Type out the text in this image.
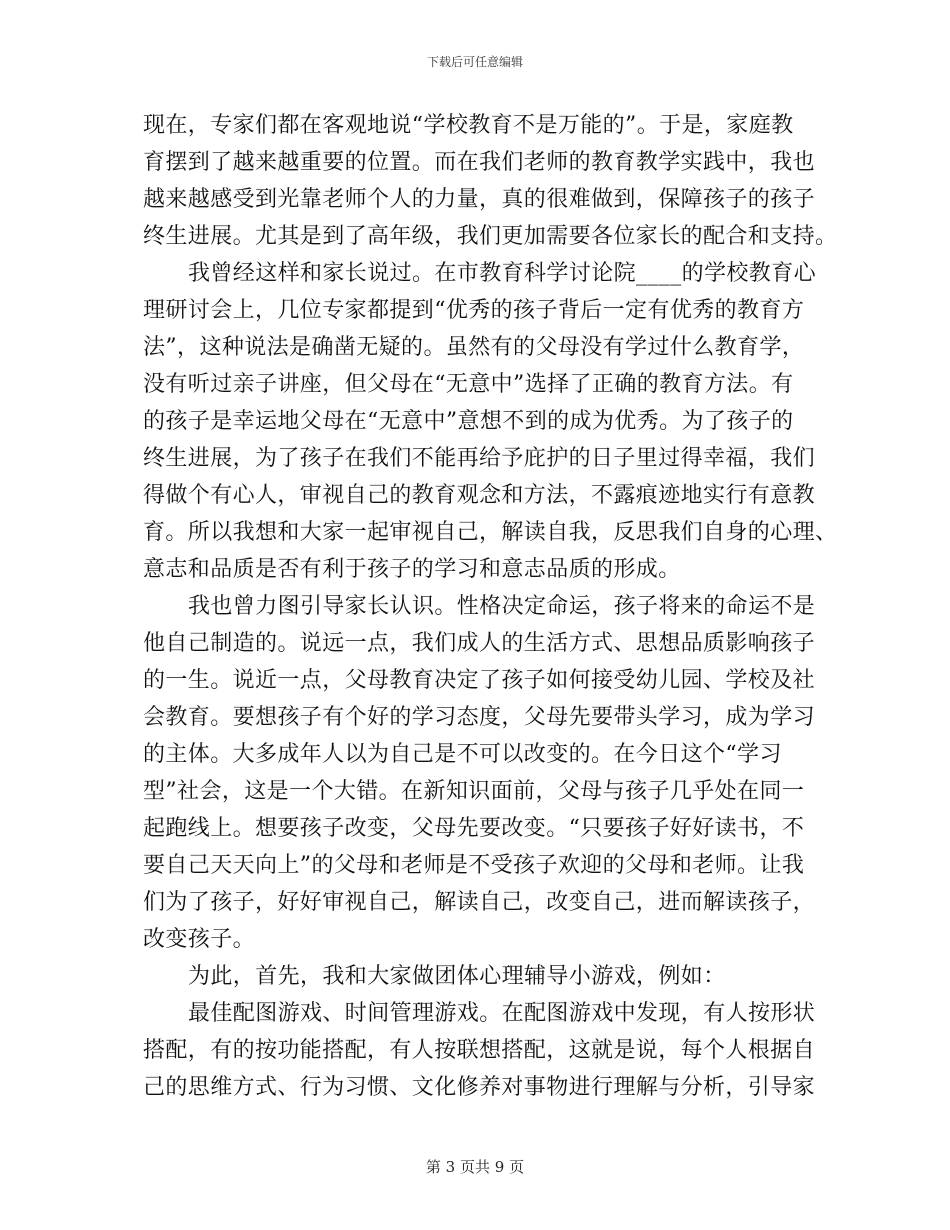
下载后可任意编辑
现在，专家们都在客观地说“学校教育不是万能的”。于是，家庭教
育摆到了越来越重要的位置。而在我们老师的教育教学实践中，我也
越来越感受到光靠老师个人的力量，真的很难做到，保障孩子的孩子
终生进展。尤其是到了高年级，我们更加需要各位家长的配合和支持。
我曾经这样和家长说过。在市教育科学讨论院____的学校教育心
理研讨会上，几位专家都提到“优秀的孩子背后一定有优秀的教育方
法”，这种说法是确凿无疑的。虽然有的父母没有学过什么教育学，
没有听过亲子讲座，但父母在“无意中”选择了正确的教育方法。有
的孩子是幸运地父母在“无意中”意想不到的成为优秀。为了孩子的
终生进展，为了孩子在我们不能再给予庇护的日子里过得幸福，我们
得做个有心人，审视自己的教育观念和方法，不露痕迹地实行有意教
育。所以我想和大家一起审视自己，解读自我，反思我们自身的心理、
意志和品质是否有利于孩子的学习和意志品质的形成。
我也曾力图引导家长认识。性格决定命运，孩子将来的命运不是
他自己制造的。说远一点，我们成人的生活方式、思想品质影响孩子
的一生。说近一点，父母教育决定了孩子如何接受幼儿园、学校及社
会教育。要想孩子有个好的学习态度，父母先要带头学习，成为学习
的主体。大多成年人以为自己是不可以改变的。在今日这个“学习
型”社会，这是一个大错。在新知识面前，父母与孩子几乎处在同一
起跑线上。想要孩子改变，父母先要改变。“只要孩子好好读书，不
要自己天天向上”的父母和老师是不受孩子欢迎的父母和老师。让我
们为了孩子，好好审视自己，解读自己，改变自己，进而解读孩子，
改变孩子。
为此，首先，我和大家做团体心理辅导小游戏，例如：
最佳配图游戏、时间管理游戏。在配图游戏中发现，有人按形状
搭配，有的按功能搭配，有人按联想搭配，这就是说，每个人根据自
己的思维方式、行为习惯、文化修养对事物进行理解与分析，引导家
第 3 页共 9 页
